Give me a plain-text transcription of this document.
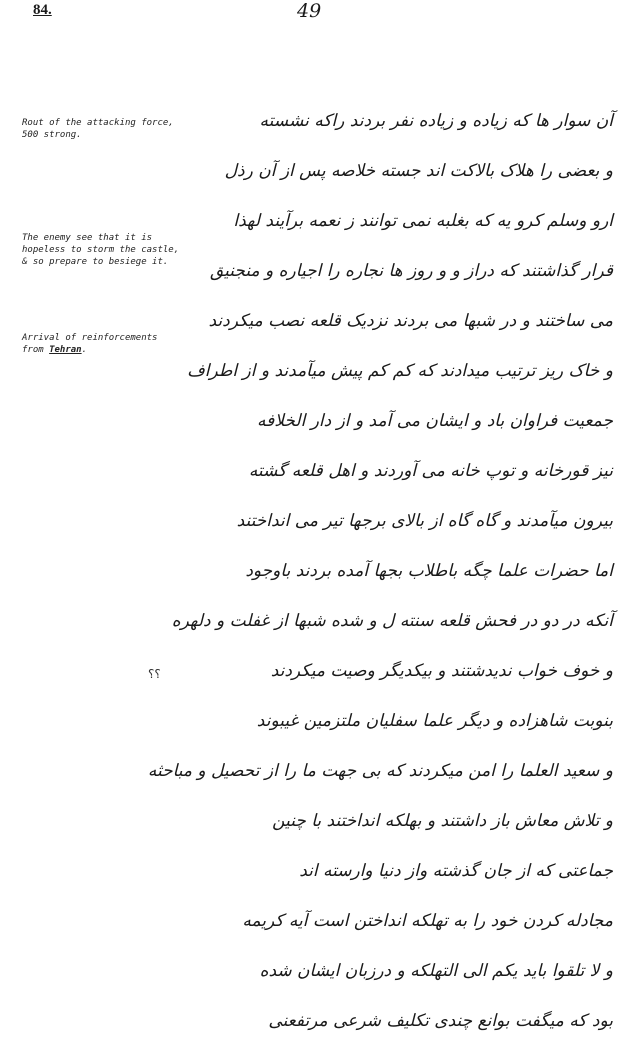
84.	49
Rout of the attacking force,
500 strong.
The enemy see that it is
hopeless to storm the castle,
& so prepare to besiege it.
Arrival of reinforcements
from Tehran.
؟؟
آن سوار ها که زیاده و زیاده نفر بردند راکه نشسته
و بعضی را هلاک بالاکت اند جسته خلاصه پس از آن رذل
ارو وسلم کرو یه که بغلبه نمی توانند ز نعمه برآیند لهذا
قرار گذاشتند که دراز و و روز ها نجاره را اجیاره و منجنیق
می ساختند و در شبها می بردند نزدیک قلعه نصب میکردند
و خاک ریز ترتیب میدادند که کم کم پیش میآمدند و از اطراف
جمعیت فراوان باد و ایشان می آمد و از دار الخلافه
نیز قورخانه و توپ خانه می آوردند و اهل قلعه گشته
بیرون میآمدند و گاه گاه از بالای برجها تیر می انداختند
اما حضرات علما چگه باطلاب بجها آمده بردند باوجود
آنکه در دو در فحش قلعه سنته ل و شده شبها از غفلت و دلهره
و خوف خواب ندیدشتند و بیکدیگر وصیت میکردند
بنوبت شاهزاده و دیگر علما سفلیان ملتزمین غیبوند
و سعید العلما را امن میکردند که بی جهت ما را از تحصیل و مباحثه
و تلاش معاش باز داشتند و بهلکه انداختند با چنین
جماعتی که از جان گذشته واز دنیا وارسته اند
مجادله کردن خود را به تهلکه انداختن است آیه کریمه
و لا تلقوا باید یکم الی التهلکه و درزبان ایشان شده
بود که میگفت بوانع چندی تکلیف شرعی مرتفعنی
